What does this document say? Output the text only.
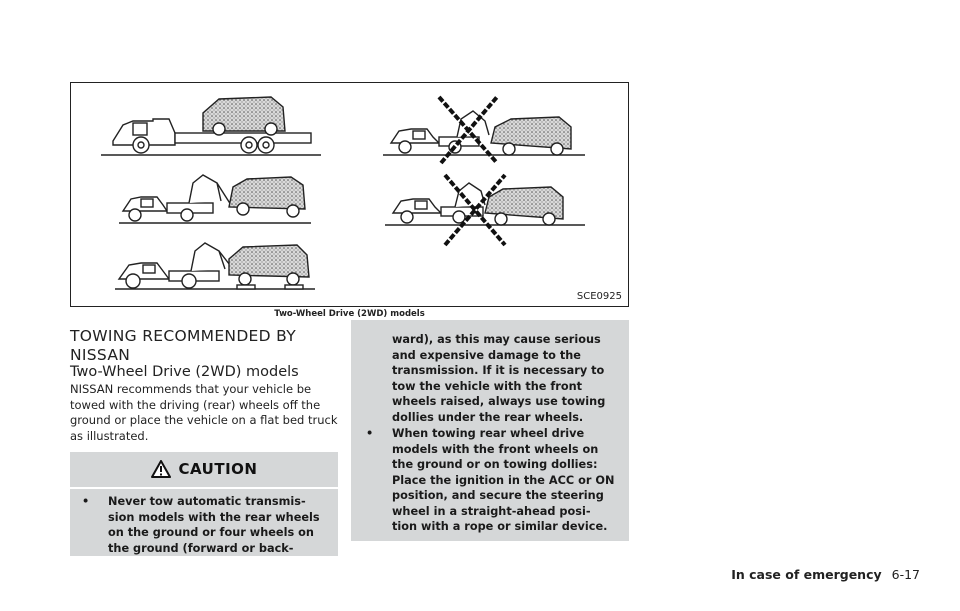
SCE0925
Two-Wheel Drive (2WD) models
TOWING RECOMMENDED BY NISSAN
Two-Wheel Drive (2WD) models
NISSAN recommends that your vehicle be towed with the driving (rear) wheels off the ground or place the vehicle on a flat bed truck as illustrated.
CAUTION
• Never tow automatic transmis-
sion models with the rear wheels
on the ground or four wheels on
the ground (forward or back-
ward), as this may cause serious
and expensive damage to the
transmission. If it is necessary to
tow the vehicle with the front
wheels raised, always use towing
dollies under the rear wheels.
• When towing rear wheel drive
models with the front wheels on
the ground or on towing dollies:
Place the ignition in the ACC or ON
position, and secure the steering
wheel in a straight-ahead posi-
tion with a rope or similar device.
In case of emergency 6-17
